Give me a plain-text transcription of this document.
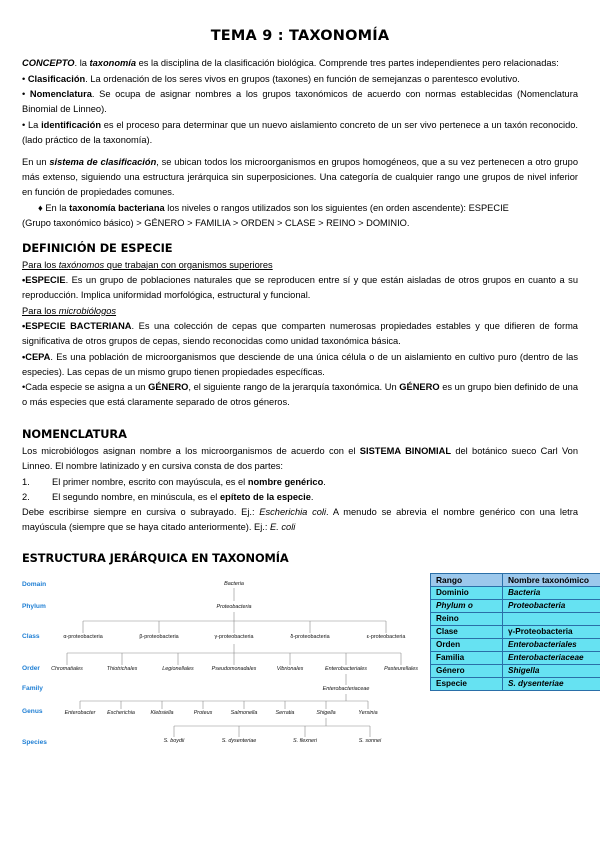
TEMA 9 : TAXONOMÍA

CONCEPTO. la taxonomía es la disciplina de la clasificación biológica. Comprende tres partes independientes pero relacionadas:

• Clasificación. La ordenación de los seres vivos en grupos (taxones) en función de semejanzas o parentesco evolutivo.

• Nomenclatura. Se ocupa de asignar nombres a los grupos taxonómicos de acuerdo con normas establecidas (Nomenclatura Binomial de Linneo).

• La identificación es el proceso para determinar que un nuevo aislamiento concreto de un ser vivo pertenece a un taxón reconocido. (lado práctico de la taxonomía).

En un sistema de clasificación, se ubican todos los microorganismos en grupos homogéneos, que a su vez pertenecen a otro grupo más extenso, siguiendo una estructura jerárquica sin superposiciones. Una categoría de cualquier rango une grupos de nivel inferior en función de propiedades comunes.

♦ En la taxonomía bacteriana los niveles o rangos utilizados son los siguientes (en orden ascendente): ESPECIE

(Grupo taxonómico básico) > GÉNERO > FAMILIA > ORDEN > CLASE > REINO > DOMINIO.

DEFINICIÓN DE ESPECIE

Para los taxónomos que trabajan con organismos superiores

•ESPECIE. Es un grupo de poblaciones naturales que se reproducen entre sí y que están aisladas de otros grupos en cuanto a su reproducción. Implica uniformidad morfológica, estructural y funcional.

Para los microbiólogos

•ESPECIE BACTERIANA. Es una colección de cepas que comparten numerosas propiedades estables y que difieren de forma significativa de otros grupos de cepas, siendo reconocidas como unidad taxonómica básica.

•CEPA. Es una población de microorganismos que desciende de una única célula o de un aislamiento en cultivo puro (dentro de las especies). Las cepas de un mismo grupo tienen propiedades específicas.

•Cada especie se asigna a un GÉNERO, el siguiente rango de la jerarquía taxonómica. Un GÉNERO es un grupo bien definido de una o más especies que está claramente separado de otros géneros.

NOMENCLATURA

Los microbiólogos asignan nombre a los microorganismos de acuerdo con el SISTEMA BINOMIAL del botánico sueco Carl Von Linneo. El nombre latinizado y en cursiva consta de dos partes:

1.	El primer nombre, escrito con mayúscula, es el nombre genérico.
2.	El segundo nombre, en minúscula, es el epíteto de la especie.

Debe escribirse siempre en cursiva o subrayado. Ej.: Escherichia coli. A menudo se abrevia el nombre genérico con una letra mayúscula (siempre que se haya citado anteriormente). Ej.: E. coli

ESTRUCTURA JERÁRQUICA EN TAXONOMÍA
Domain
Phylum
Class
Order
Family
Genus
Species
Bacteria
Proteobacteria
α-proteobacteria	β-proteobacteria	γ-proteobacteria	δ-proteobacteria	ε-proteobacteria
Chromatiales	Thiotrichales	Legionellales	Pseudomonadales	Vibrionales	Enterobacteriales	Pasteurellales
Enterobacteriaceae
Enterobacter Escherichia	Klebsiella	Proteus	Salmonella	Serratia	Shigella	Yersinia
S. boydii	S. dysenteriae	S. flexneri	S. sonnei
Rango	Nombre taxonómico
Dominio	Bacteria
Phylum o	Proteobacteria
Reino	
Clase	γ-Proteobacteria
Orden	Enterobacteriales
Familia	Enterobacteriaceae
Género	Shigella
Especie	S. dysenteriae
